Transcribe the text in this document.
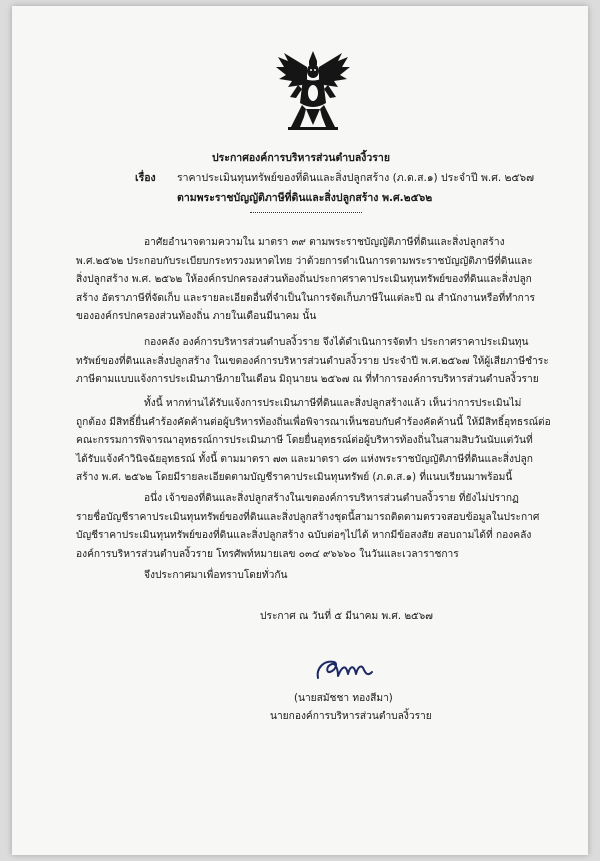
ประกาศองค์การบริหารส่วนตำบลงิ้วราย
เรื่อง ราคาประเมินทุนทรัพย์ของที่ดินและสิ่งปลูกสร้าง (ภ.ด.ส.๑) ประจำปี พ.ศ. ๒๕๖๗
ตามพระราชบัญญัติภาษีที่ดินและสิ่งปลูกสร้าง พ.ศ.๒๕๖๒

อาศัยอำนาจตามความใน มาตรา ๓๙ ตามพระราชบัญญัติภาษีที่ดินและสิ่งปลูกสร้าง

พ.ศ.๒๕๖๒ ประกอบกับระเบียบกระทรวงมหาดไทย ว่าด้วยการดำเนินการตามพระราชบัญญัติภาษีที่ดินและ

สิ่งปลูกสร้าง พ.ศ. ๒๕๖๒ ให้องค์กรปกครองส่วนท้องถิ่นประกาศราคาประเมินทุนทรัพย์ของที่ดินและสิ่งปลูก

สร้าง อัตราภาษีที่จัดเก็บ และรายละเอียดอื่นที่จำเป็นในการจัดเก็บภาษีในแต่ละปี ณ สำนักงานหรือที่ทำการ

ขององค์กรปกครองส่วนท้องถิ่น ภายในเดือนมีนาคม นั้น

กองคลัง องค์การบริหารส่วนตำบลงิ้วราย จึงได้ดำเนินการจัดทำ ประกาศราคาประเมินทุน

ทรัพย์ของที่ดินและสิ่งปลูกสร้าง ในเขตองค์การบริหารส่วนตำบลงิ้วราย ประจำปี พ.ศ.๒๕๖๗ ให้ผู้เสียภาษีชำระ

ภาษีตามแบบแจ้งการประเมินภาษีภายในเดือน มิถุนายน ๒๕๖๗ ณ ที่ทำการองค์การบริหารส่วนตำบลงิ้วราย

ทั้งนี้ หากท่านได้รับแจ้งการประเมินภาษีที่ดินและสิ่งปลูกสร้างแล้ว เห็นว่าการประเมินไม่

ถูกต้อง มีสิทธิ์ยื่นคำร้องคัดค้านต่อผู้บริหารท้องถิ่นเพื่อพิจารณาเห็นชอบกับคำร้องคัดค้านนี้ ให้มีสิทธิ์อุทธรณ์ต่อ

คณะกรรมการพิจารณาอุทธรณ์การประเมินภาษี โดยยื่นอุทธรณ์ต่อผู้บริหารท้องถิ่นในสามสิบวันนับแต่วันที่

ได้รับแจ้งคำวินิจฉัยอุทธรณ์ ทั้งนี้ ตามมาตรา ๗๓ และมาตรา ๘๓ แห่งพระราชบัญญัติภาษีที่ดินและสิ่งปลูก

สร้าง พ.ศ. ๒๕๖๒ โดยมีรายละเอียดตามบัญชีราคาประเมินทุนทรัพย์ (ภ.ด.ส.๑) ที่แนบเรียนมาพร้อมนี้

อนึ่ง เจ้าของที่ดินและสิ่งปลูกสร้างในเขตองค์การบริหารส่วนตำบลงิ้วราย ที่ยังไม่ปรากฏ

รายชื่อบัญชีราคาประเมินทุนทรัพย์ของที่ดินและสิ่งปลูกสร้างชุดนี้สามารถติดตามตรวจสอบข้อมูลในประกาศ

บัญชีราคาประเมินทุนทรัพย์ของที่ดินและสิ่งปลูกสร้าง ฉบับต่อๆไปได้ หากมีข้อสงสัย สอบถามได้ที่ กองคลัง

องค์การบริหารส่วนตำบลงิ้วราย โทรศัพท์หมายเลข ๐๓๔ ๙๖๖๖๐ ในวันและเวลาราชการ

จึงประกาศมาเพื่อทราบโดยทั่วกัน
ประกาศ ณ วันที่ ๕ มีนาคม พ.ศ. ๒๕๖๗
(นายสมัชชา ทองสีมา)
นายกองค์การบริหารส่วนตำบลงิ้วราย
